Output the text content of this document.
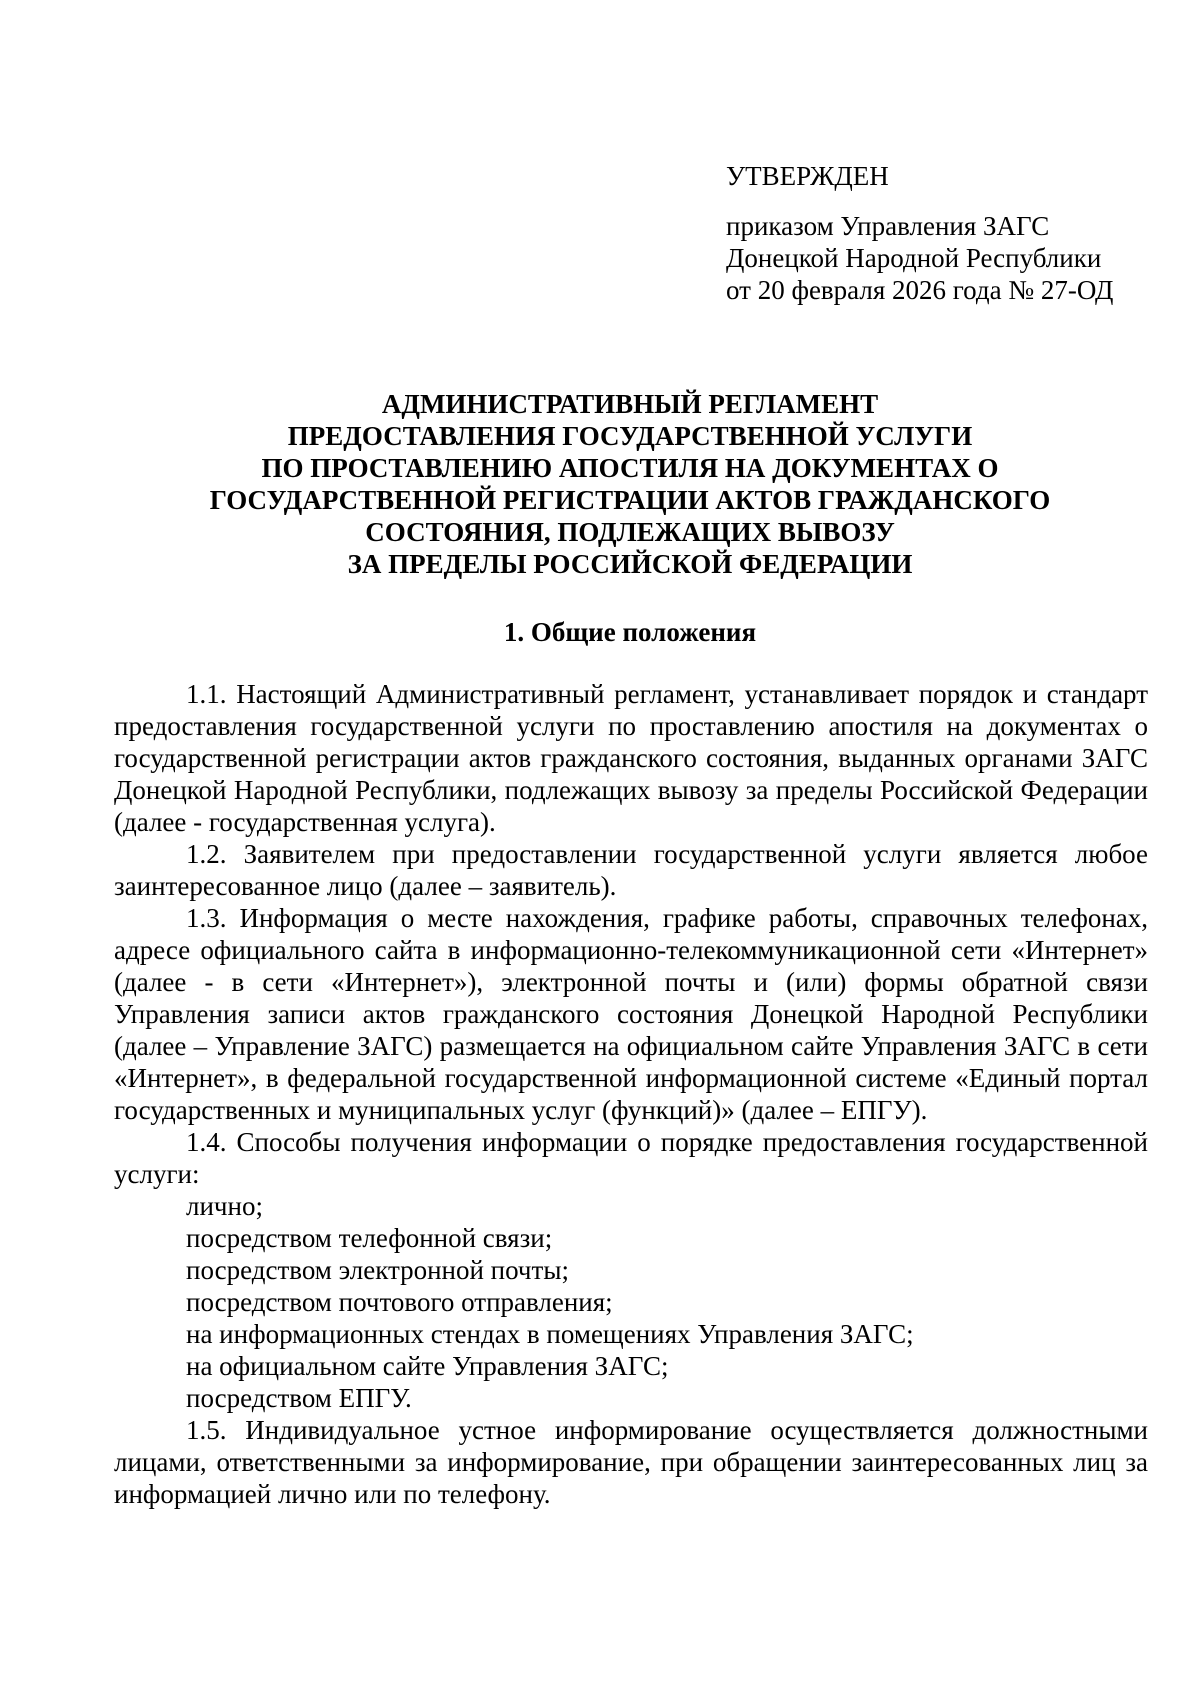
УТВЕРЖДЕН

приказом Управления ЗАГС

Донецкой Народной Республики

от 20 февраля 2026 года № 27-ОД

АДМИНИСТРАТИВНЫЙ РЕГЛАМЕНТ

ПРЕДОСТАВЛЕНИЯ ГОСУДАРСТВЕННОЙ УСЛУГИ

ПО ПРОСТАВЛЕНИЮ АПОСТИЛЯ НА ДОКУМЕНТАХ О

ГОСУДАРСТВЕННОЙ РЕГИСТРАЦИИ АКТОВ ГРАЖДАНСКОГО

СОСТОЯНИЯ, ПОДЛЕЖАЩИХ ВЫВОЗУ

ЗА ПРЕДЕЛЫ РОССИЙСКОЙ ФЕДЕРАЦИИ

1. Общие положения

1.1. Настоящий Административный регламент, устанавливает порядок и стандарт предоставления государственной услуги по проставлению апостиля на документах о государственной регистрации актов гражданского состояния, выданных органами ЗАГС Донецкой Народной Республики, подлежащих вывозу за пределы Российской Федерации (далее - государственная услуга).

1.2. Заявителем при предоставлении государственной услуги является любое заинтересованное лицо (далее – заявитель).

1.3. Информация о месте нахождения, графике работы, справочных телефонах, адресе официального сайта в информационно-телекоммуникационной сети «Интернет» (далее - в сети «Интернет»), электронной почты и (или) формы обратной связи Управления записи актов гражданского состояния Донецкой Народной Республики (далее – Управление ЗАГС) размещается на официальном сайте Управления ЗАГС в сети «Интернет», в федеральной государственной информационной системе «Единый портал государственных и муниципальных услуг (функций)» (далее – ЕПГУ).

1.4. Способы получения информации о порядке предоставления государственной услуги:

лично;

посредством телефонной связи;

посредством электронной почты;

посредством почтового отправления;

на информационных стендах в помещениях Управления ЗАГС;

на официальном сайте Управления ЗАГС;

посредством ЕПГУ.

1.5. Индивидуальное устное информирование осуществляется должностными лицами, ответственными за информирование, при обращении заинтересованных лиц за информацией лично или по телефону.
